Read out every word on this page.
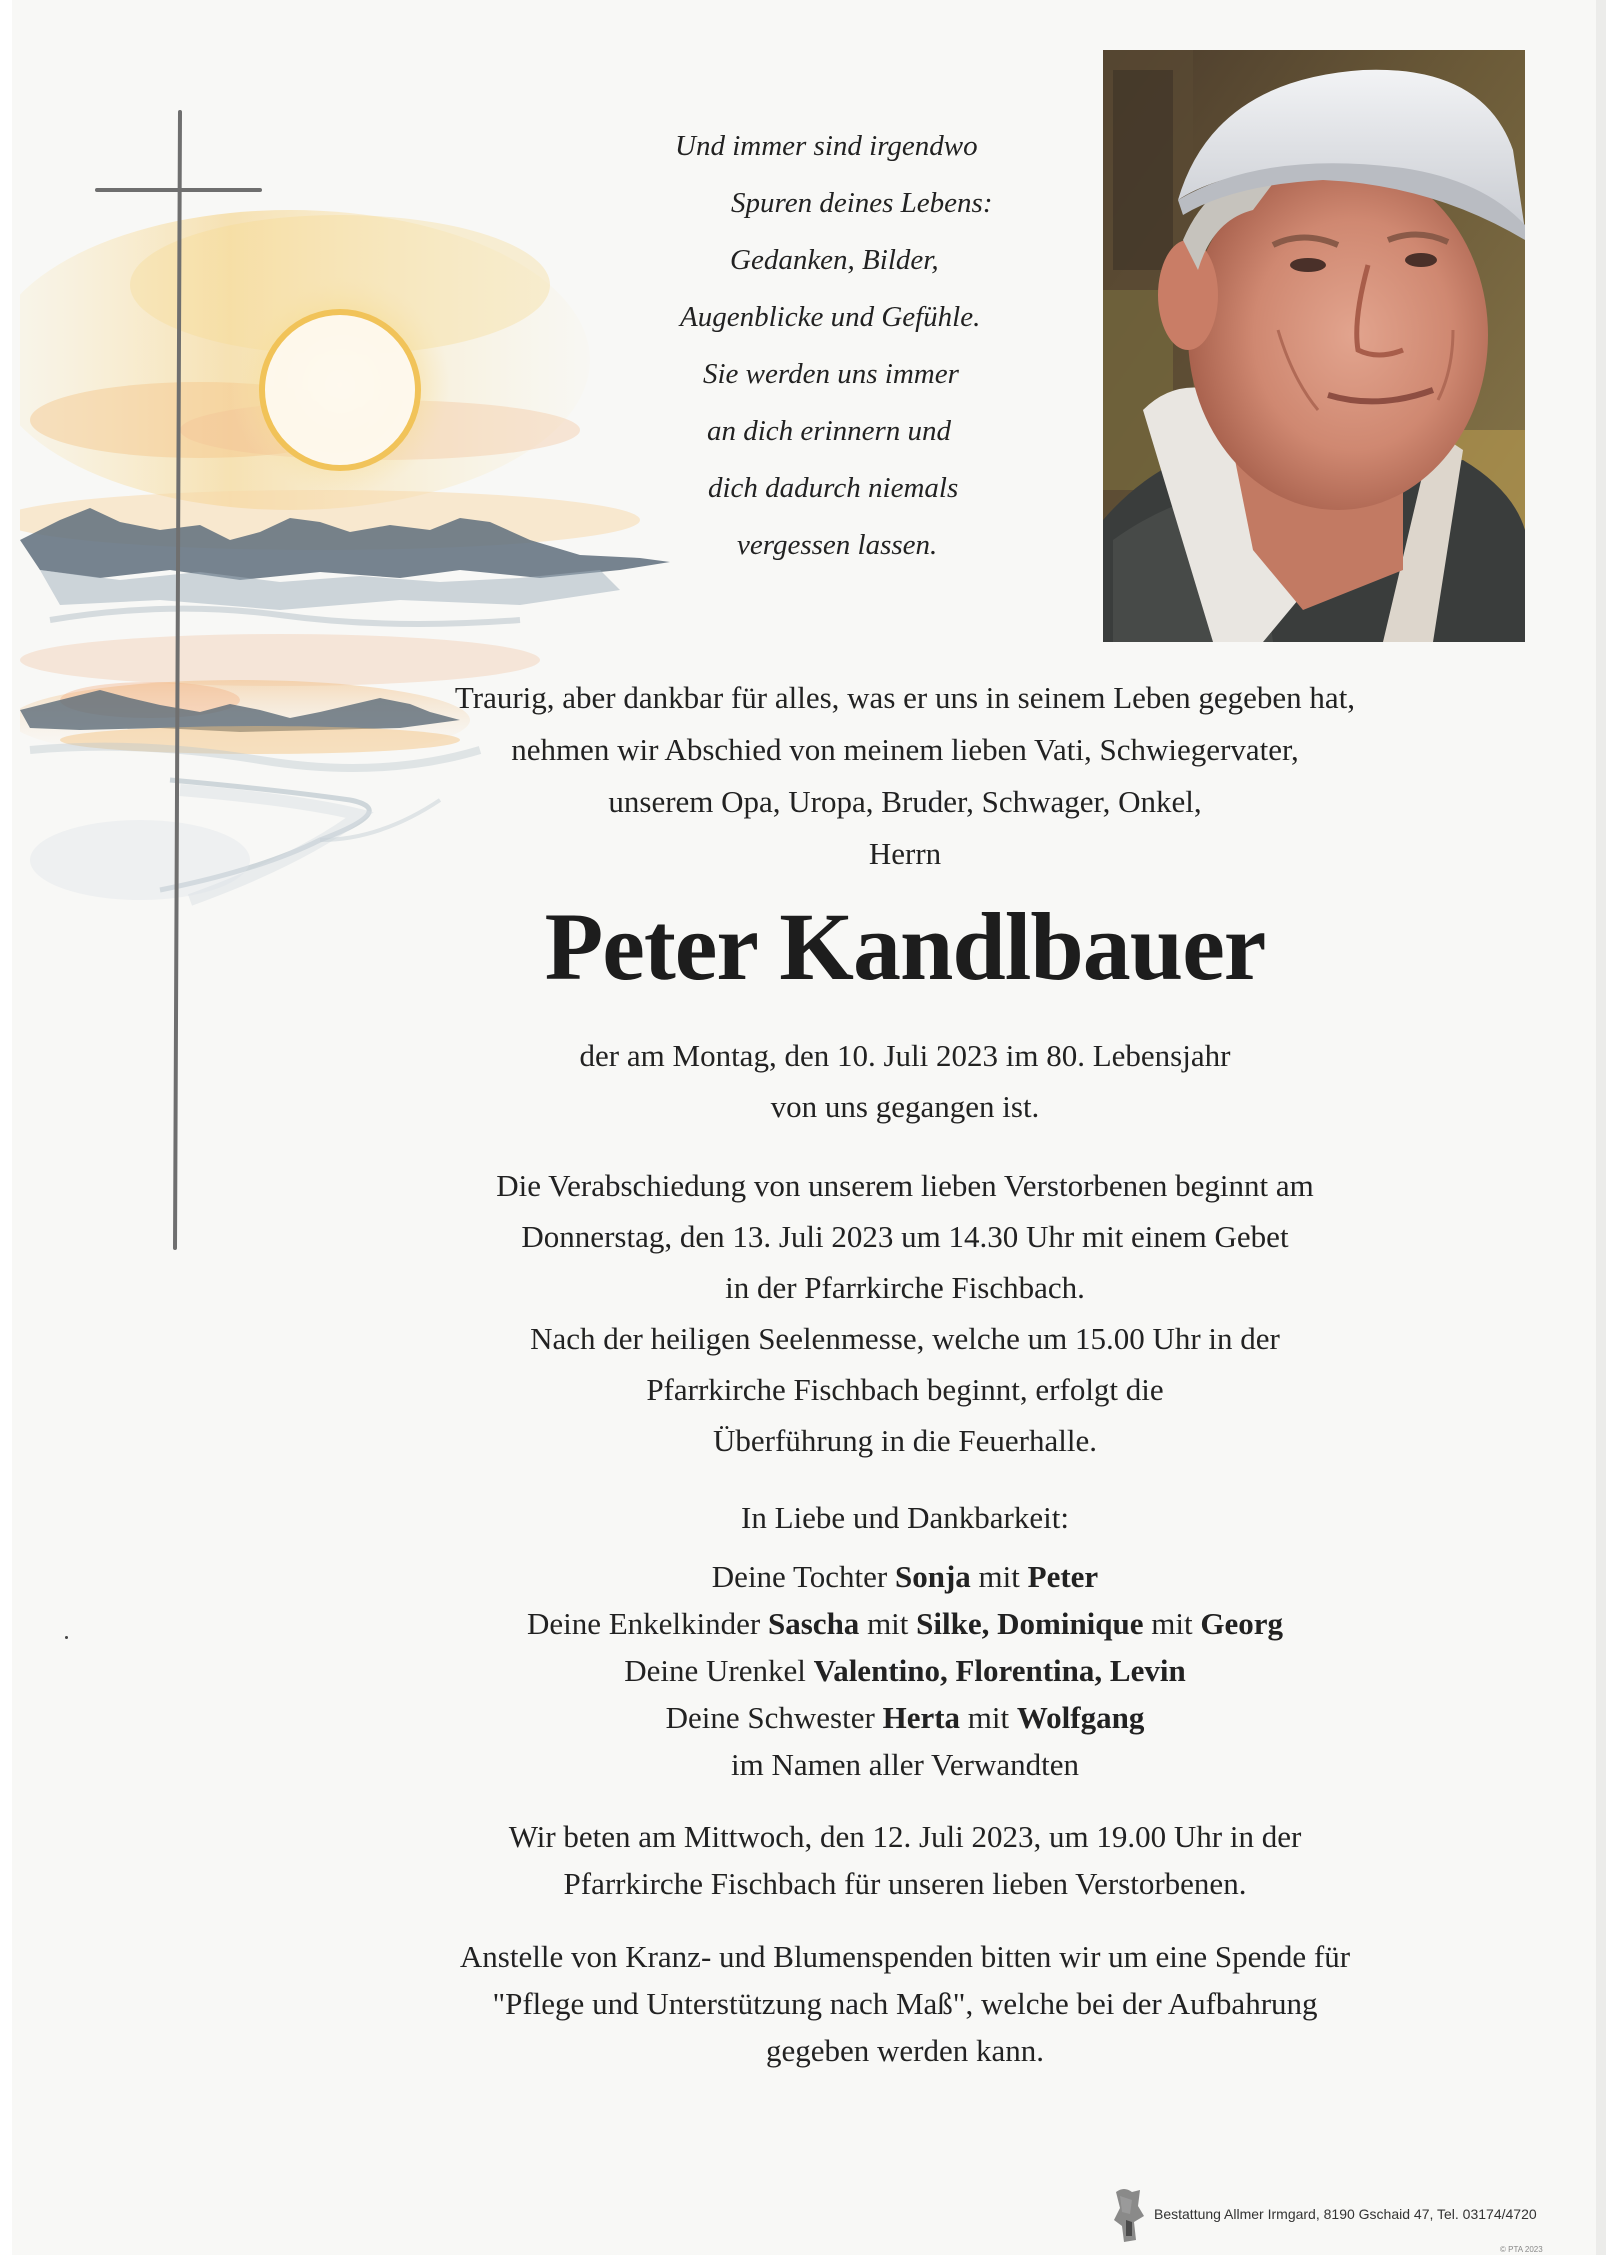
Und immer sind irgendwo
Spuren deines Lebens:
Gedanken, Bilder,
Augenblicke und Gefühle.
Sie werden uns immer
an dich erinnern und
dich dadurch niemals
vergessen lassen.
Traurig, aber dankbar für alles, was er uns in seinem Leben gegeben hat,
nehmen wir Abschied von meinem lieben Vati, Schwiegervater,
unserem Opa, Uropa, Bruder, Schwager, Onkel,
Herrn
Peter Kandlbauer
der am Montag, den 10. Juli 2023 im 80. Lebensjahr
von uns gegangen ist.
Die Verabschiedung von unserem lieben Verstorbenen beginnt am
Donnerstag, den 13. Juli 2023 um 14.30 Uhr mit einem Gebet
in der Pfarrkirche Fischbach.
Nach der heiligen Seelenmesse, welche um 15.00 Uhr in der
Pfarrkirche Fischbach beginnt, erfolgt die
Überführung in die Feuerhalle.
In Liebe und Dankbarkeit:
Deine Tochter Sonja mit Peter
Deine Enkelkinder Sascha mit Silke, Dominique mit Georg
Deine Urenkel Valentino, Florentina, Levin
Deine Schwester Herta mit Wolfgang
im Namen aller Verwandten
Wir beten am Mittwoch, den 12. Juli 2023, um 19.00 Uhr in der
Pfarrkirche Fischbach für unseren lieben Verstorbenen.
Anstelle von Kranz- und Blumenspenden bitten wir um eine Spende für
"Pflege und Unterstützung nach Maß", welche bei der Aufbahrung
gegeben werden kann.
Bestattung Allmer Irmgard, 8190 Gschaid 47, Tel. 03174/4720
© PTA 2023
